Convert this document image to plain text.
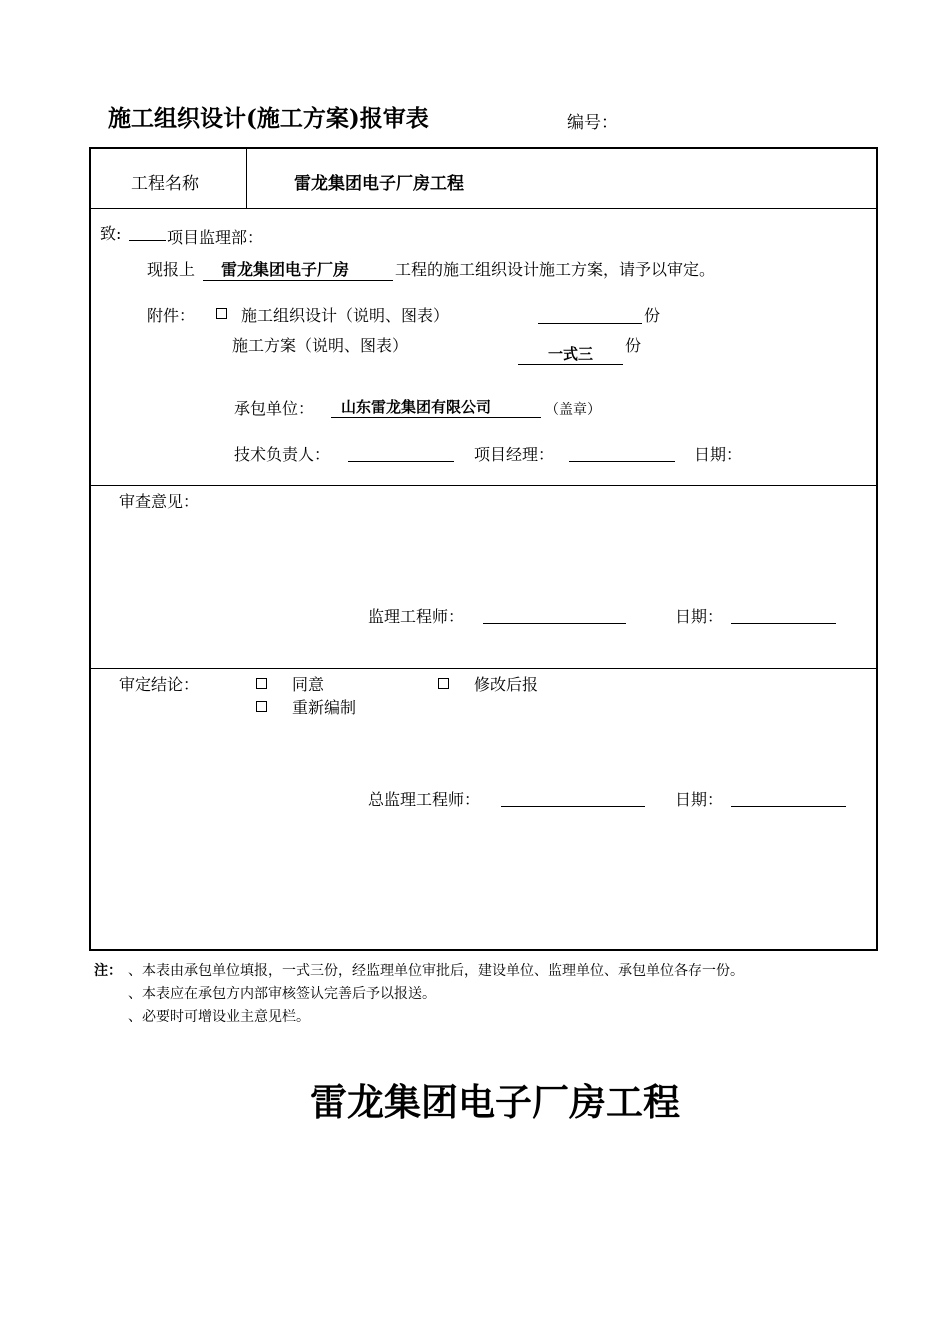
施工组织设计(施工方案)报审表	编号：
工程名称	雷龙集团电子厂房工程
致:	项目监理部：
现报上	雷龙集团电子厂房	工程的施工组织设计施工方案，请予以审定。
附件：	施工组织设计（说明、图表）	份
施工方案（说明、图表）	一式三	份
承包单位：	山东雷龙集团有限公司	（盖章）
技术负责人：	项目经理：	日期：
审查意见：
监理工程师：	日期：
审定结论：	同意	修改后报
重新编制
总监理工程师：	日期：
注： 、本表由承包单位填报，一式三份，经监理单位审批后，建设单位、监理单位、承包单位各存一份。
、本表应在承包方内部审核签认完善后予以报送。
、必要时可增设业主意见栏。
雷龙集团电子厂房工程
